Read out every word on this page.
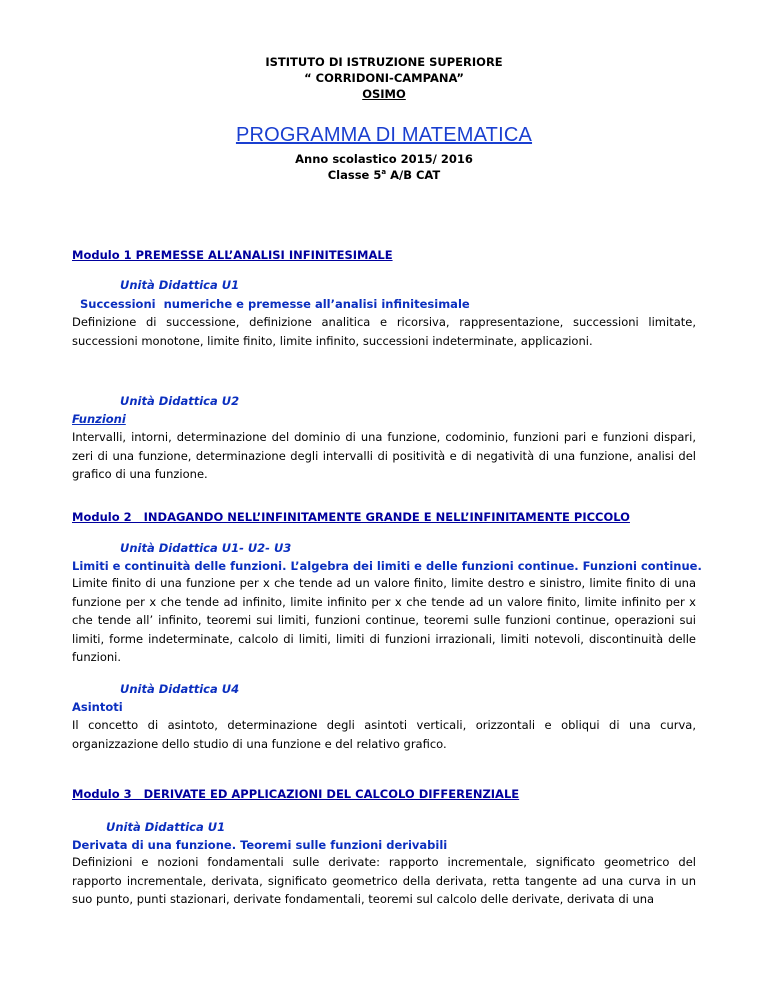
ISTITUTO DI ISTRUZIONE SUPERIORE
“ CORRIDONI-CAMPANA”
OSIMO
PROGRAMMA DI MATEMATICA
Anno scolastico 2015/ 2016
Classe 5$^a$ A/B CAT
Modulo 1 PREMESSE ALL’ANALISI INFINITESIMALE
Unità Didattica U1
Successioni  numeriche e premesse all’analisi infinitesimale
Definizione di successione, definizione analitica e ricorsiva, rappresentazione, successioni limitate, successioni monotone, limite finito, limite infinito, successioni indeterminate, applicazioni.
Unità Didattica U2
Funzioni
Intervalli, intorni, determinazione del dominio di una funzione, codominio, funzioni pari e funzioni dispari, zeri di una funzione, determinazione degli intervalli di positività e di negatività di una funzione, analisi del grafico di una funzione.
Modulo 2   INDAGANDO NELL’INFINITAMENTE GRANDE E NELL’INFINITAMENTE PICCOLO
Unità Didattica U1- U2- U3
Limiti e continuità delle funzioni. L’algebra dei limiti e delle funzioni continue. Funzioni continue.
Limite finito di una funzione per x che tende ad un valore finito, limite destro e sinistro, limite finito di una funzione per x che tende ad infinito, limite infinito per x che tende ad un valore finito, limite infinito per x che tende all’ infinito, teoremi sui limiti, funzioni continue, teoremi sulle funzioni continue, operazioni sui limiti, forme indeterminate, calcolo di limiti, limiti di funzioni irrazionali, limiti notevoli, discontinuità delle funzioni.
Unità Didattica U4
Asintoti
Il concetto di asintoto, determinazione degli asintoti verticali, orizzontali e obliqui di una curva, organizzazione dello studio di una funzione e del relativo grafico.
Modulo 3   DERIVATE ED APPLICAZIONI DEL CALCOLO DIFFERENZIALE
Unità Didattica U1
Derivata di una funzione. Teoremi sulle funzioni derivabili
Definizioni e nozioni fondamentali sulle derivate: rapporto incrementale, significato geometrico del rapporto incrementale, derivata, significato geometrico della derivata, retta tangente ad una curva in un suo punto, punti stazionari, derivate fondamentali, teoremi sul calcolo delle derivate, derivata di una
